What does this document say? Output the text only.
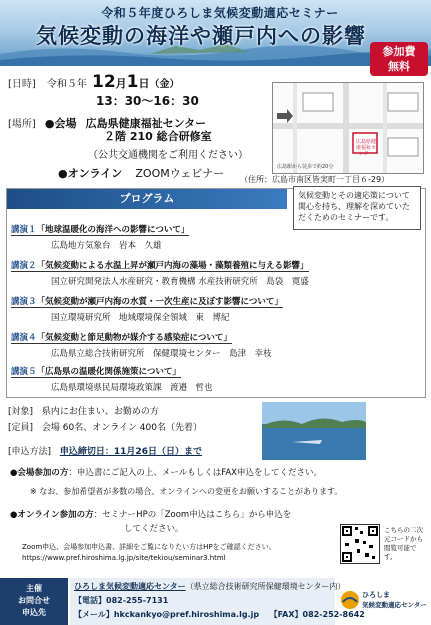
令和５年度ひろしま気候変動適応セミナー
気候変動の海洋や瀬戸内への影響
参加費
無料
[日時] 令和５年 12月1日（金）
13：30～16：30
[場所] ●会場 広島県健康福祉センター
２階 210 総合研修室
（公共交通機関をご利用ください）
●オンライン ZOOMウェビナー
広島県健康福祉センター
広島駅から徒歩で約20分
（住所：広島市南区皆実町一丁目６-29）
プログラム	気候変動とその適応策について関心を持ち、理解を深めていただくためのセミナーです。
講演１「地球温暖化の海洋への影響について」
広島地方気象台　岩本　久雄
講演２「気候変動による水温上昇が瀬戸内海の藻場・藻類養殖に与える影響」
国立研究開発法人水産研究・教育機構 水産技術研究所　島袋　寛盛
講演３「気候変動が瀬戸内海の水質・一次生産に及ぼす影響について」
国立環境研究所　地域環境保全領域　東　博紀
講演４「気候変動と節足動物が媒介する感染症について」
広島県立総合技術研究所　保健環境センター　島津　幸枝
講演５「広島県の温暖化関係施策について」
広島県環境県民局環境政策課　渡邉　哲也
[対象] 県内にお住まい、お勤めの方
[定員] 会場 60名、オンライン 400名（先着）
[申込方法] 申込締切日：11月26日（日）まで
●会場参加の方：申込書にご記入の上、メールもしくはFAX申込をしてください。
※ なお、参加希望者が多数の場合、オンラインへの変更をお願いすることがあります。
●オンライン参加の方：セミナーHPの「Zoom申込はこちら」から申込を
してください。
Zoom申込、会場参加申込書、詳細をご覧になりたい方はHPをご確認ください。
https://www.pref.hiroshima.lg.jp/site/tekiou/seminar3.html
こちらの二次元コードから閲覧可能です。
主催
お問合せ
申込先
ひろしま気候変動適応センター（県立総合技術研究所保健環境センター内）
【電話】082-255-7131
【メール】hkckankyo@pref.hiroshima.lg.jp 【FAX】082-252-8642
ひろしま
気候変動適応センター
